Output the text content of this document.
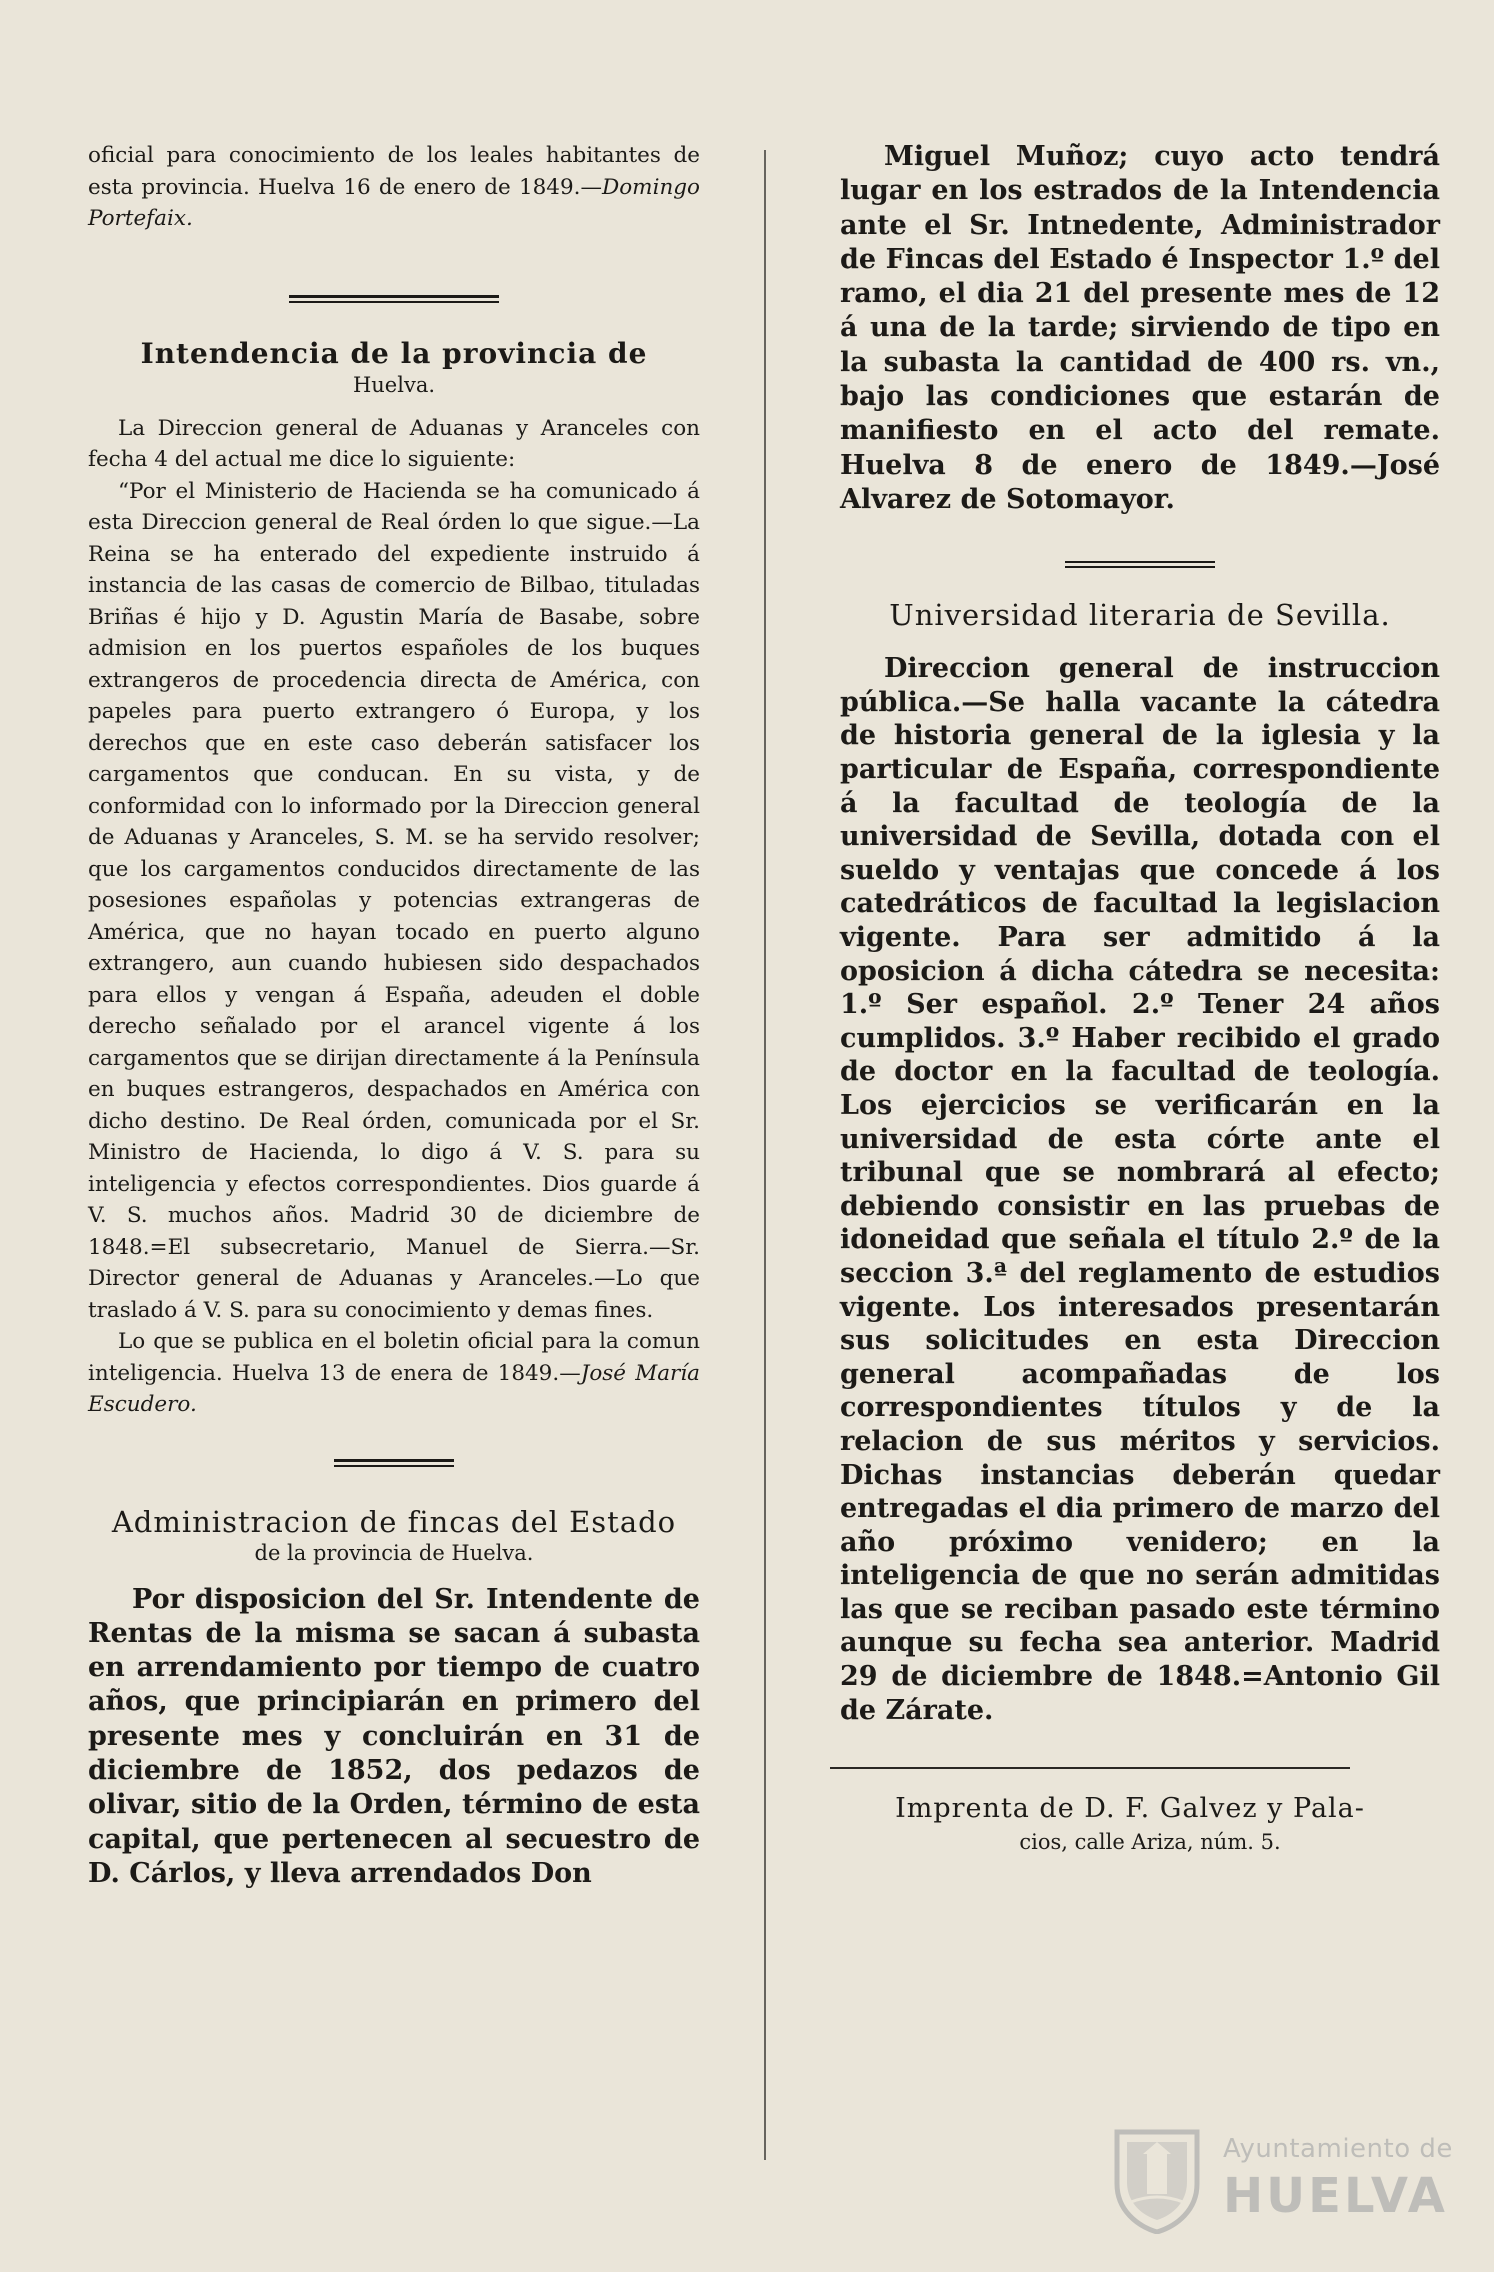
oficial para conocimiento de los leales habitantes de esta provincia. Huelva 16 de enero de 1849.—Domingo Portefaix.

Intendencia de la provincia de

Huelva.

La Direccion general de Aduanas y Aranceles con fecha 4 del actual me dice lo siguiente:

“Por el Ministerio de Hacienda se ha comunicado á esta Direccion general de Real órden lo que sigue.—La Reina se ha enterado del expediente instruido á instancia de las casas de comercio de Bilbao, tituladas Briñas é hijo y D. Agustin María de Basabe, sobre admision en los puertos españoles de los buques extrangeros de procedencia directa de América, con papeles para puerto extrangero ó Europa, y los derechos que en este caso deberán satisfacer los cargamentos que conducan. En su vista, y de conformidad con lo informado por la Direccion general de Aduanas y Aranceles, S. M. se ha servido resolver; que los cargamentos conducidos directamente de las posesiones españolas y potencias extrangeras de América, que no hayan tocado en puerto alguno extrangero, aun cuando hubiesen sido despachados para ellos y vengan á España, adeuden el doble derecho señalado por el arancel vigente á los cargamentos que se dirijan directamente á la Península en buques estrangeros, despachados en América con dicho destino. De Real órden, comunicada por el Sr. Ministro de Hacienda, lo digo á V. S. para su inteligencia y efectos correspondientes. Dios guarde á V. S. muchos años. Madrid 30 de diciembre de 1848.=El subsecretario, Manuel de Sierra.—Sr. Director general de Aduanas y Aranceles.—Lo que traslado á V. S. para su conocimiento y demas fines.

Lo que se publica en el boletin oficial para la comun inteligencia. Huelva 13 de enera de 1849.—José María Escudero.

Administracion de fincas del Estado

de la provincia de Huelva.

Por disposicion del Sr. Intendente de Rentas de la misma se sacan á subasta en arrendamiento por tiempo de cuatro años, que principiarán en primero del presente mes y concluirán en 31 de diciembre de 1852, dos pedazos de olivar, sitio de la Orden, término de esta capital, que pertenecen al secuestro de D. Cárlos, y lleva arrendados Don

Miguel Muñoz; cuyo acto tendrá lugar en los estrados de la Intendencia ante el Sr. Intnedente, Administrador de Fincas del Estado é Inspector 1.º del ramo, el dia 21 del presente mes de 12 á una de la tarde; sirviendo de tipo en la subasta la cantidad de 400 rs. vn., bajo las condiciones que estarán de manifiesto en el acto del remate. Huelva 8 de enero de 1849.—José Alvarez de Sotomayor.

Universidad literaria de Sevilla.

Direccion general de instruccion pública.—Se halla vacante la cátedra de historia general de la iglesia y la particular de España, correspondiente á la facultad de teología de la universidad de Sevilla, dotada con el sueldo y ventajas que concede á los catedráticos de facultad la legislacion vigente. Para ser admitido á la oposicion á dicha cátedra se necesita: 1.º Ser español. 2.º Tener 24 años cumplidos. 3.º Haber recibido el grado de doctor en la facultad de teología. Los ejercicios se verificarán en la universidad de esta córte ante el tribunal que se nombrará al efecto; debiendo consistir en las pruebas de idoneidad que señala el título 2.º de la seccion 3.ª del reglamento de estudios vigente. Los interesados presentarán sus solicitudes en esta Direccion general acompañadas de los correspondientes títulos y de la relacion de sus méritos y servicios. Dichas instancias deberán quedar entregadas el dia primero de marzo del año próximo venidero; en la inteligencia de que no serán admitidas las que se reciban pasado este término aunque su fecha sea anterior. Madrid 29 de diciembre de 1848.=Antonio Gil de Zárate.

Imprenta de D. F. Galvez y Pala-

cios, calle Ariza, núm. 5.

Ayuntamiento de
HUELVA
